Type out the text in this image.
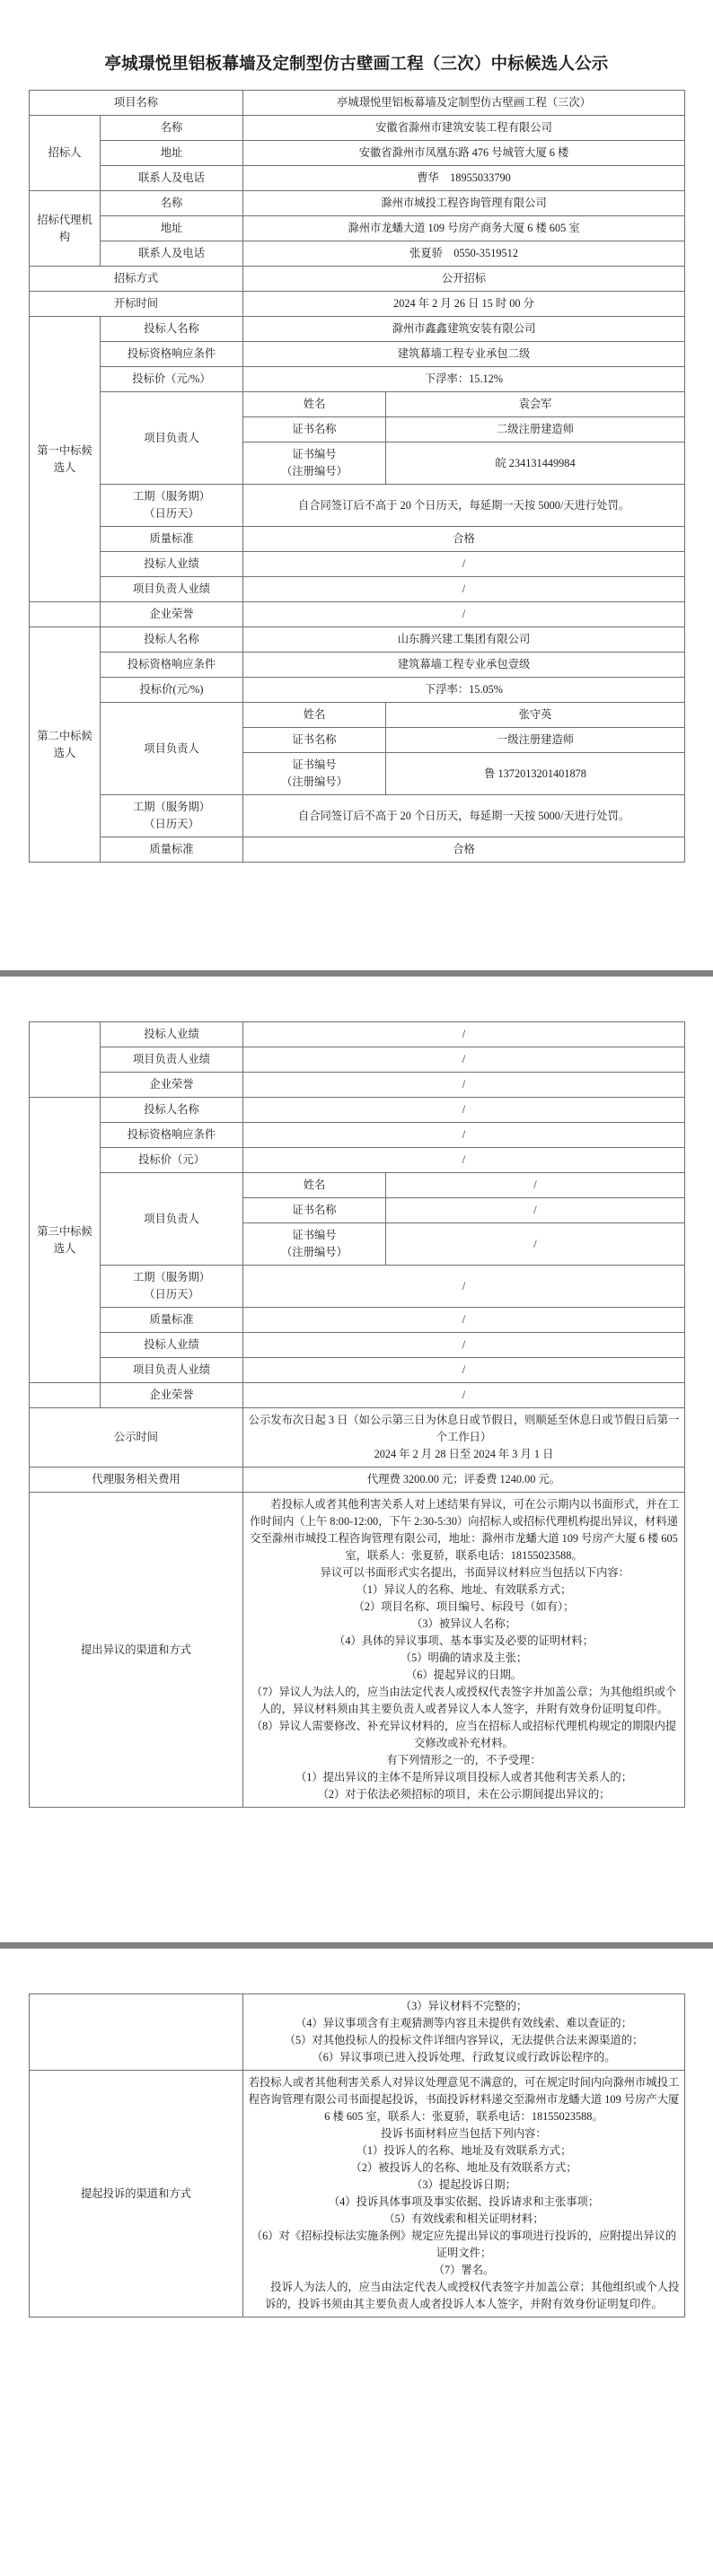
亭城璟悦里铝板幕墙及定制型仿古壁画工程（三次）中标候选人公示
项目名称		亭城璟悦里铝板幕墙及定制型仿古壁画工程（三次）	
招标人	名称	安徽省滁州市建筑安装工程有限公司	
	地址	安徽省滁州市凤凰东路 476 号城管大厦 6 楼	
	联系人及电话	曹华　18955033790	
招标代理机构	名称	滁州市城投工程咨询管理有限公司	
	地址	滁州市龙蟠大道 109 号房产商务大厦 6 楼 605 室	
	联系人及电话	张夏骄　0550-3519512	
招标方式		公开招标	
开标时间		2024 年 2 月 26 日 15 时 00 分	
第一中标候选人	投标人名称	滁州市鑫鑫建筑安装有限公司	
	投标资格响应条件	建筑幕墙工程专业承包二级	
	投标价（元/%）	下浮率：15.12%	
	项目负责人	姓名	袁会军
		证书名称	二级注册建造师

		证书编号
（注册编号）	皖 234131449984

	工期（服务期）
（日历天）	自合同签订后不高于 20 个日历天，每延期一天按 5000/天进行处罚。	
	质量标准	合格	
	投标人业绩	/	
	项目负责人业绩	/	
	企业荣誉	/	
第二中标候选人	投标人名称	山东腾兴建工集团有限公司	
	投标资格响应条件	建筑幕墙工程专业承包壹级	
	投标价(元/%)	下浮率：15.05%	
	项目负责人	姓名	张守英
		证书名称	一级注册建造师

		证书编号
（注册编号）	鲁 1372013201401878

	工期（服务期）
（日历天）	自合同签订后不高于 20 个日历天，每延期一天按 5000/天进行处罚。	
	质量标准	合格	
	投标人业绩	/	
	项目负责人业绩	/	
	企业荣誉	/	
第三中标候选人	投标人名称	/	
	投标资格响应条件	/	
	投标价（元）	/	
	项目负责人	姓名	/
		证书名称	/

		证书编号
（注册编号）	/

	工期（服务期）
（日历天）	/	
	质量标准	/	
	投标人业绩	/	
	项目负责人业绩	/	
	企业荣誉	/	
公示时间		公示发布次日起 3 日（如公示第三日为休息日或节假日，则顺延至休息日或节假日后第一个工作日）
2024 年 2 月 28 日至 2024 年 3 月 1 日	

代理服务相关费用		代理费 3200.00 元；评委费 1240.00 元。	
提出异议的渠道和方式	

若投标人或者其他利害关系人对上述结果有异议，可在公示期内以书面形式，并在工作时间内（上午 8:00-12:00，下午 2:30-5:30）向招标人或招标代理机构提出异议，材料递交至滁州市城投工程咨询管理有限公司，地址：滁州市龙蟠大道 109 号房产大厦 6 楼 605 室，联系人：张夏骄，联系电话：18155023588。

异议可以书面形式实名提出，书面异议材料应当包括以下内容：

（1）异议人的名称、地址、有效联系方式；

（2）项目名称、项目编号、标段号（如有）；

（3）被异议人名称；

（4）具体的异议事项、基本事实及必要的证明材料；

（5）明确的请求及主张；

（6）提起异议的日期。

（7）异议人为法人的，应当由法定代表人或授权代表签字并加盖公章；为其他组织或个人的，异议材料须由其主要负责人或者异议人本人签字，并附有效身份证明复印件。

（8）异议人需要修改、补充异议材料的，应当在招标人或招标代理机构规定的期限内提交修改或补充材料。

有下列情形之一的，不予受理：

（1）提出异议的主体不是所异议项目投标人或者其他利害关系人的；

（2）对于依法必须招标的项目，未在公示期间提出异议的；

	（3）异议材料不完整的；

（4）异议事项含有主观猜测等内容且未提供有效线索、难以查证的；

（5）对其他投标人的投标文件详细内容异议，无法提供合法来源渠道的；

（6）异议事项已进入投诉处理、行政复议或行政诉讼程序的。

提起投诉的渠道和方式	

若投标人或者其他利害关系人对异议处理意见不满意的，可在规定时间内向滁州市城投工程咨询管理有限公司书面提起投诉，书面投诉材料递交至滁州市龙蟠大道 109 号房产大厦 6 楼 605 室，联系人：张夏骄，联系电话：18155023588。

投诉书面材料应当包括下列内容：

（1）投诉人的名称、地址及有效联系方式；

（2）被投诉人的名称、地址及有效联系方式；

（3）提起投诉日期；

（4）投诉具体事项及事实依据、投诉请求和主张事项；

（5）有效线索和相关证明材料；

（6）对《招标投标法实施条例》规定应先提出异议的事项进行投诉的，应附提出异议的证明文件；

（7）署名。

投诉人为法人的，应当由法定代表人或授权代表签字并加盖公章；其他组织或个人投诉的，投诉书须由其主要负责人或者投诉人本人签字，并附有效身份证明复印件。
